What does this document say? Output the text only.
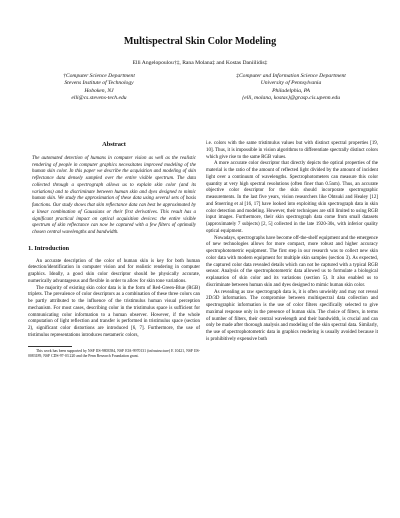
Multispectral Skin Color Modeling
Elli Angelopoulou†‡, Rana Molana‡ and Kostas Daniilidis‡
†Computer Science Department
Stevens Institute of Technology
Hoboken, NJ
elli@cs.stevens-tech.edu
‡Computer and Information Science Department
University of Pennsylvania
Philadelphia, PA
{elli, molana, kostas}@grasp.cis.upenn.edu
Abstract
The automated detection of humans in computer vision as well as the realistic rendering of people in computer graphics necessitates improved modeling of the human skin color. In this paper we describe the acquisition and modeling of skin reflectance data densely sampled over the entire visible spectrum. The data collected through a spectrograph allows us to explain skin color (and its variations) and to discriminate between human skin and dyes designed to mimic human skin. We study the approximation of these data using several sets of basis functions. Our study shows that skin reflectance data can best be approximated by a linear combination of Gaussians or their first derivatives. This result has a significant practical impact on optical acquisition devices: the entire visible spectrum of skin reflectance can now be captured with a few filters of optimally chosen central wavelengths and bandwidth.
1. Introduction

An accurate description of the color of human skin is key for both human detection/identification in computer vision and for realistic rendering in computer graphics. Ideally, a good skin color descriptor should be physically accurate, numerically advantageous and flexible in order to allow for skin tone variations.

The majority of existing skin color data is in the form of Red-Green-Blue (RGB) triplets. The prevalence of color descriptors as a combination of these three colors can be partly attributed to the influence of the tristimulus human visual perception mechanism. For most cases, describing color in the tristimulus space is sufficient for communicating color information to a human observer. However, if the whole computation of light reflection and transfer is performed in tristimulus space (section 2), significant color distortions are introduced [6, 7]. Furthermore, the use of tristimulus representations introduces metameric colors,

This work has been supported by NSF IIS-9803584, NSF EIA-9970131 (infrastructure) E 10421, NSF IIS-0083189, NSF CDS-97-03 220 and the Penn Research Foundation grant.

i.e. colors with the same tristimulus values but with distinct spectral properties [19, 10]. Thus, it is impossible in vision algorithms to differentiate spectrally distinct colors which give rise to the same RGB values.

A more accurate color descriptor that directly depicts the optical properties of the material is the ratio of the amount of reflected light divided by the amount of incident light over a continuum of wavelengths. Spectrophotometers can measure this color quantity at very high spectral resolutions (often finer than 0.5nm). Thus, an accurate objective color descriptor for the skin should incorporate spectrographic measurements. In the last five years, vision researchers like Ohtsuki and Healey [12] and Stoerring et al [16, 17] have looked into exploiting skin spectrograph data in skin color detection and modeling. However, their techniques are still limited to using RGB input images. Furthermore, their skin spectrograph data come from small datasets (approximately 7 subjects) [2, 5] collected in the late 1920-30s, with inferior quality optical equipment.

Nowadays, spectrographs have become off-the-shelf equipment and the emergence of new technologies allows for more compact, more robust and higher accuracy spectrophotometric equipment. The first step in our research was to collect new skin color data with modern equipment for multiple skin samples (section 3). As expected, the captured color data revealed details which can not be captured with a typical RGB sensor. Analysis of the spectrophotometric data allowed us to formulate a biological explanation of skin color and its variations (section 5). It also enabled us to discriminate between human skin and dyes designed to mimic human skin color.

As revealing as raw spectrograph data is, it is often unwieldy and may not reveal 2D/3D information. The compromise between multispectral data collection and spectrographic information is the use of color filters specifically selected to give maximal response only in the presence of human skin. The choice of filters, in terms of number of filters, their central wavelength and their bandwidth, is crucial and can only be made after thorough analysis and modeling of the skin spectral data. Similarly, the use of spectrophotometric data in graphics rendering is usually avoided because it is prohibitively expensive both
